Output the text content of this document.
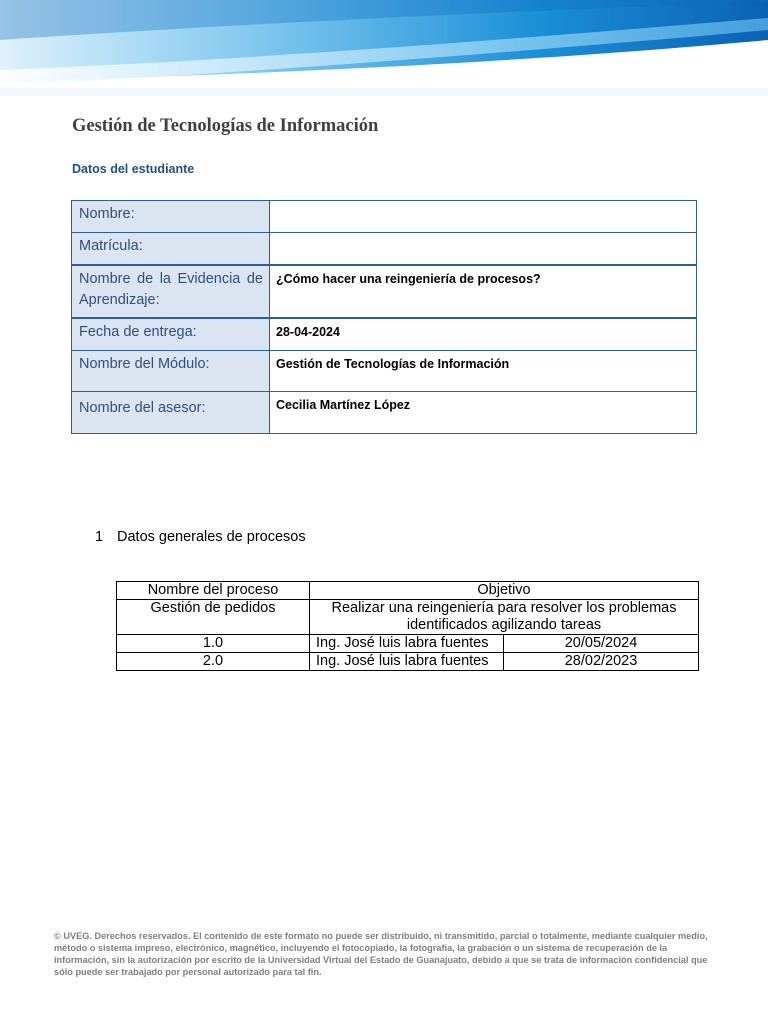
Gestión de Tecnologías de Información
Datos del estudiante
Nombre:	
Matrícula:	
Nombre de la Evidencia de Aprendizaje:	¿Cómo hacer una reingeniería de procesos?
Fecha de entrega:	28-04-2024
Nombre del Módulo:	Gestión de Tecnologías de Información
Nombre del asesor:	Cecilia Martínez López
1 Datos generales de procesos
Nombre del proceso	Objetivo	
Gestión de pedidos	Realizar una reingeniería para resolver los problemas identificados agilizando tareas	
1.0	Ing. José luis labra fuentes	20/05/2024
2.0	Ing. José luis labra fuentes	28/02/2023

© UVEG. Derechos reservados. El contenido de este formato no puede ser distribuido, ni transmitido, parcial o totalmente, mediante cualquier medio, método o sistema impreso, electrónico, magnético, incluyendo el fotocopiado, la fotografía, la grabación o un sistema de recuperación de la información, sin la autorización por escrito de la Universidad Virtual del Estado de Guanajuato, debido a que se trata de información confidencial que sólo puede ser trabajado por personal autorizado para tal fin.
